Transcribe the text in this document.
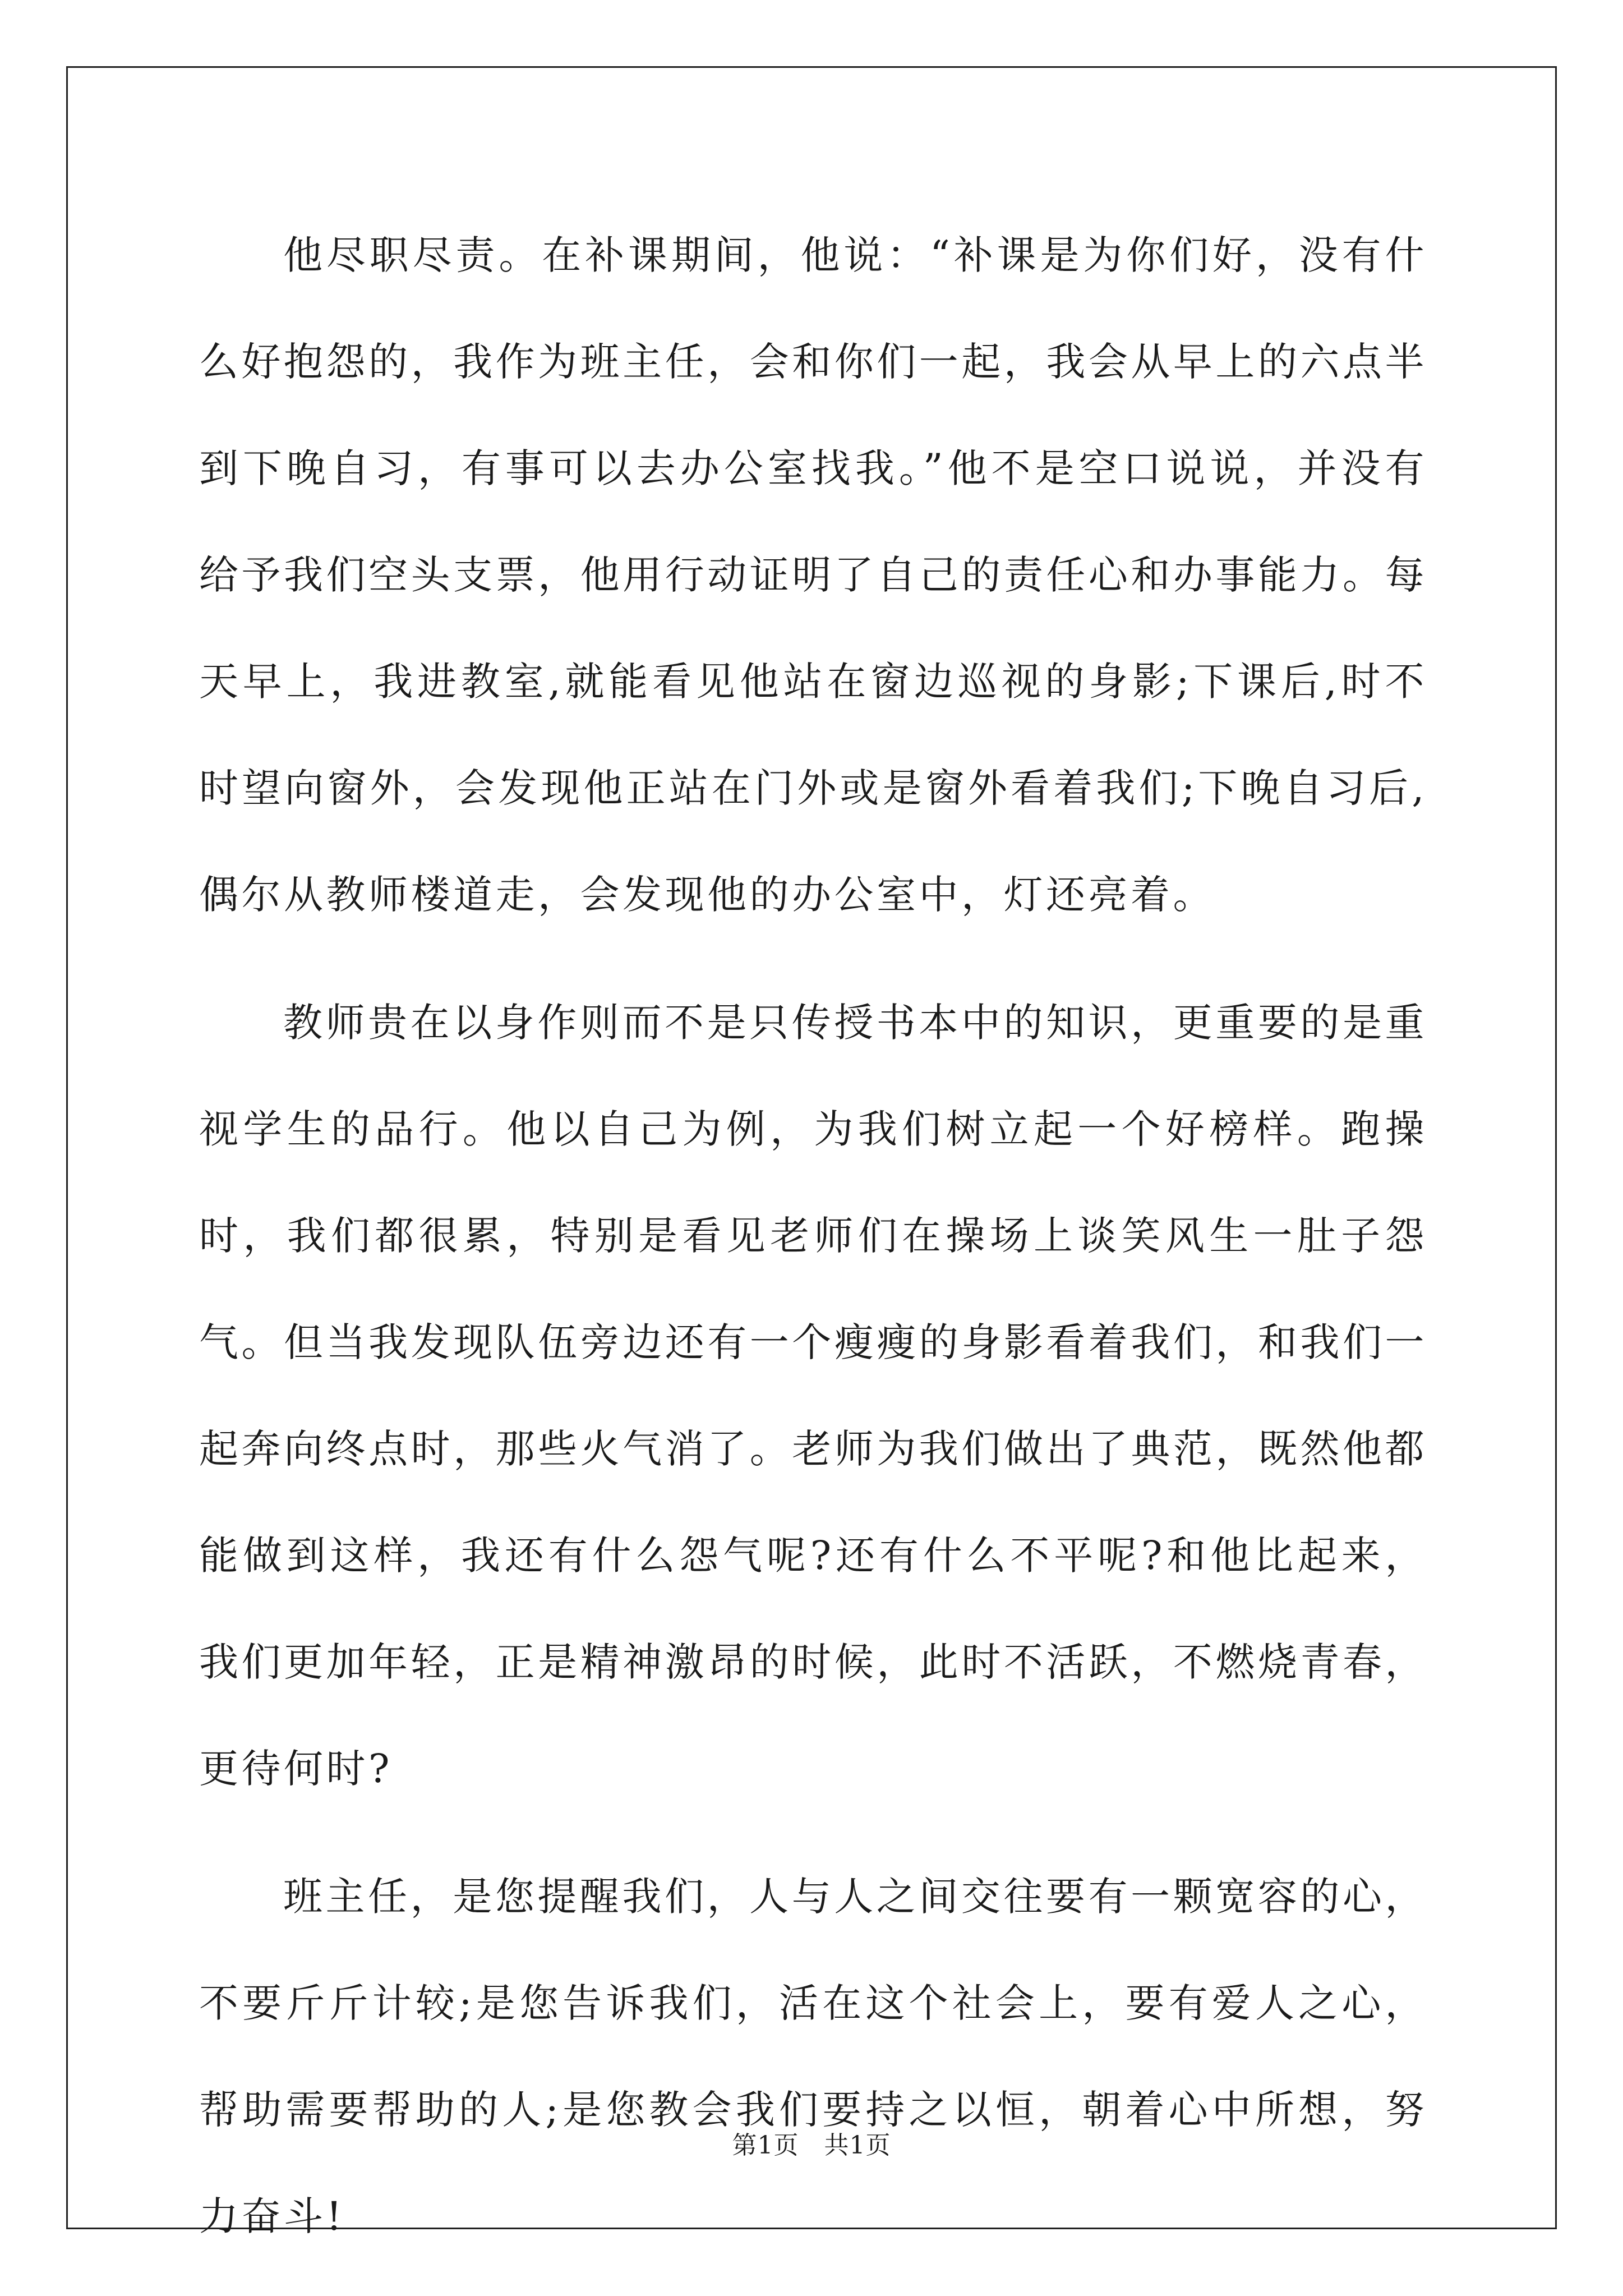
他尽职尽责。在补课期间，他说：“补课是为你们好，没有什么好抱怨的，我作为班主任，会和你们一起，我会从早上的六点半到下晚自习，有事可以去办公室找我。”他不是空口说说，并没有给予我们空头支票，他用行动证明了自己的责任心和办事能力。每天早上，我进教室,就能看见他站在窗边巡视的身影;下课后,时不时望向窗外，会发现他正站在门外或是窗外看着我们;下晚自习后,偶尔从教师楼道走，会发现他的办公室中，灯还亮着。

教师贵在以身作则而不是只传授书本中的知识，更重要的是重视学生的品行。他以自己为例，为我们树立起一个好榜样。跑操时，我们都很累，特别是看见老师们在操场上谈笑风生一肚子怨气。但当我发现队伍旁边还有一个瘦瘦的身影看着我们，和我们一起奔向终点时，那些火气消了。老师为我们做出了典范，既然他都能做到这样，我还有什么怨气呢?还有什么不平呢?和他比起来，我们更加年轻，正是精神激昂的时候，此时不活跃，不燃烧青春，更待何时?

班主任，是您提醒我们，人与人之间交往要有一颗宽容的心，不要斤斤计较;是您告诉我们，活在这个社会上，要有爱人之心，帮助需要帮助的人;是您教会我们要持之以恒，朝着心中所想，努力奋斗!

第1页 共1页
